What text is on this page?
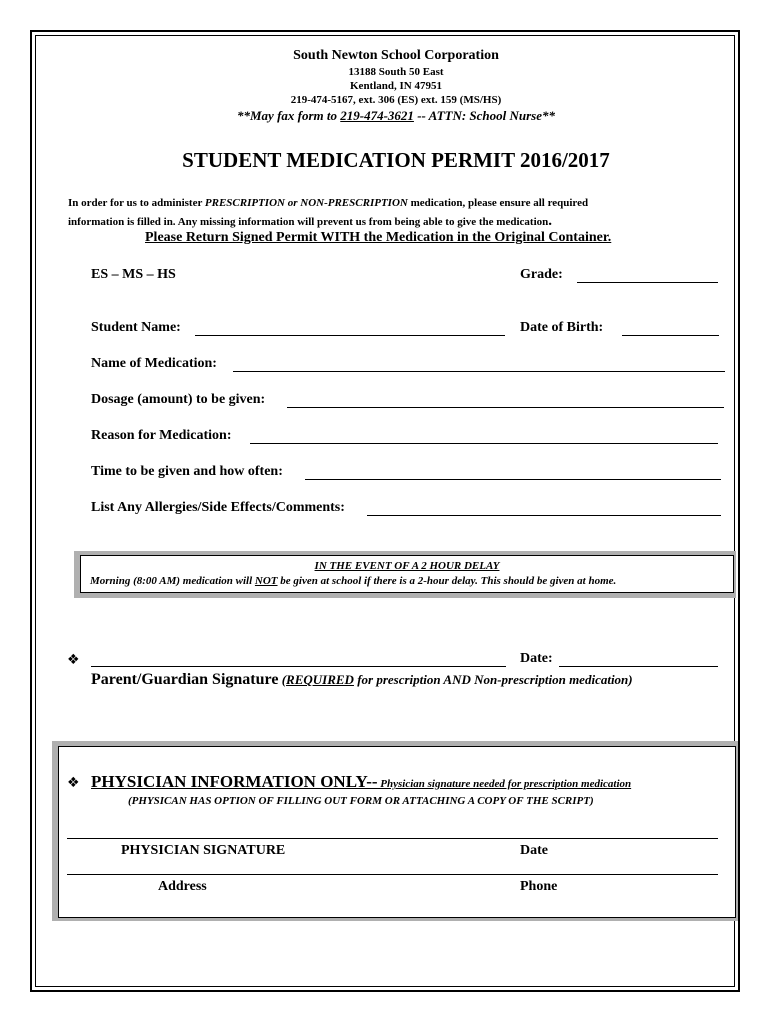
South Newton School Corporation
13188 South 50 East
Kentland, IN 47951
219-474-5167, ext. 306 (ES) ext. 159 (MS/HS)
**May fax form to 219-474-3621 -- ATTN: School Nurse**
STUDENT MEDICATION PERMIT 2016/2017
In order for us to administer PRESCRIPTION or NON-PRESCRIPTION medication, please ensure all required
information is filled in. Any missing information will prevent us from being able to give the medication.
Please Return Signed Permit WITH the Medication in the Original Container.
ES – MS – HS	Grade:
Student Name:	Date of Birth:
Name of Medication:
Dosage (amount) to be given:
Reason for Medication:
Time to be given and how often:
List Any Allergies/Side Effects/Comments:
IN THE EVENT OF A 2 HOUR DELAY
Morning (8:00 AM) medication will NOT be given at school if there is a 2-hour delay. This should be given at home.
❖	Date:
Parent/Guardian Signature (REQUIRED for prescription AND Non-prescription medication)
❖ PHYSICIAN INFORMATION ONLY-- Physician signature needed for prescription medication
(PHYSICAN HAS OPTION OF FILLING OUT FORM OR ATTACHING A COPY OF THE SCRIPT)
PHYSICIAN SIGNATURE	Date
Address	Phone
